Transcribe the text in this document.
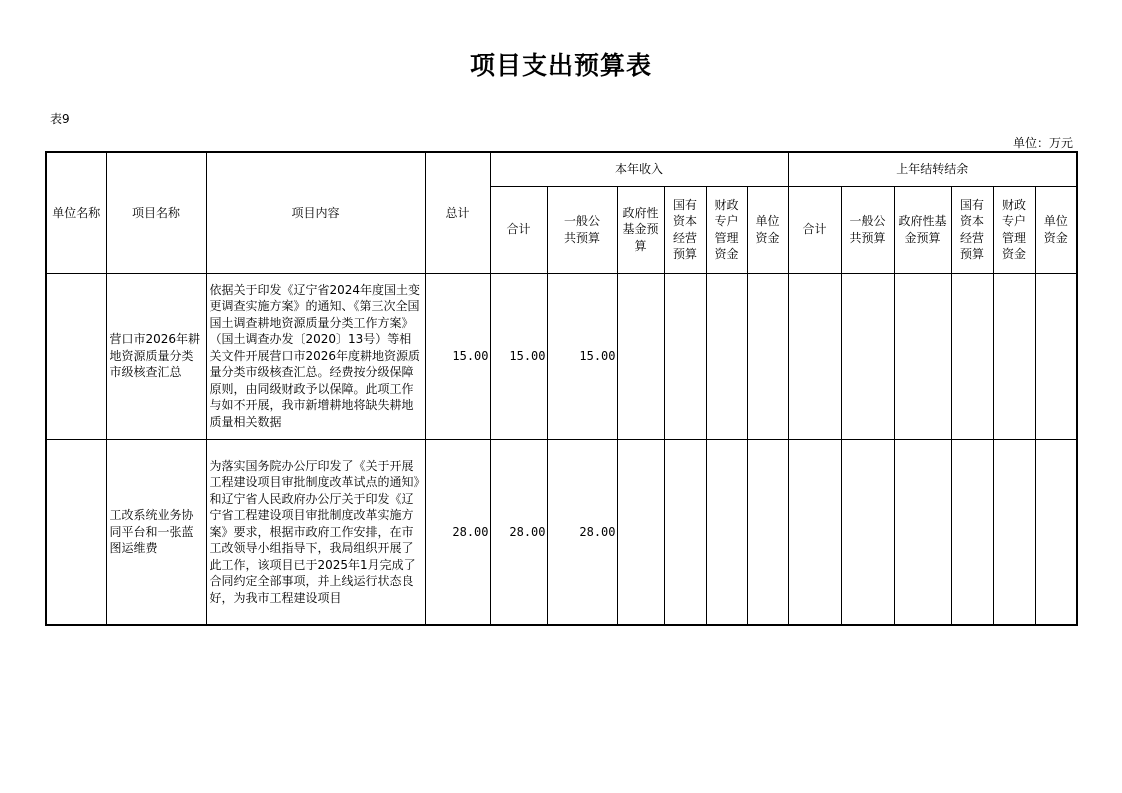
项目支出预算表
表9
单位：万元
单位名称	项目名称	项目内容	总计	本年收入						上年结转结余					
				合计	一般公共预算	政府性基金预算	国有资本经营预算	财政专户管理资金	单位资金	合计	一般公共预算	政府性基金预算	国有资本经营预算	财政专户管理资金	单位资金
	营口市2026年耕地资源质量分类市级核查汇总	依据关于印发《辽宁省2024年度国土变更调查实施方案》的通知、《第三次全国国土调查耕地资源质量分类工作方案》（国土调查办发〔2020〕13号）等相关文件开展营口市2026年度耕地资源质量分类市级核查汇总。经费按分级保障原则，由同级财政予以保障。此项工作与如不开展，我市新增耕地将缺失耕地质量相关数据	15.00	15.00	15.00										
	工改系统业务协同平台和一张蓝图运维费	为落实国务院办公厅印发了《关于开展工程建设项目审批制度改革试点的通知》和辽宁省人民政府办公厅关于印发《辽宁省工程建设项目审批制度改革实施方案》要求，根据市政府工作安排，在市工改领导小组指导下，我局组织开展了此工作，该项目已于2025年1月完成了合同约定全部事项，并上线运行状态良好，为我市工程建设项目	28.00	28.00	28.00										
